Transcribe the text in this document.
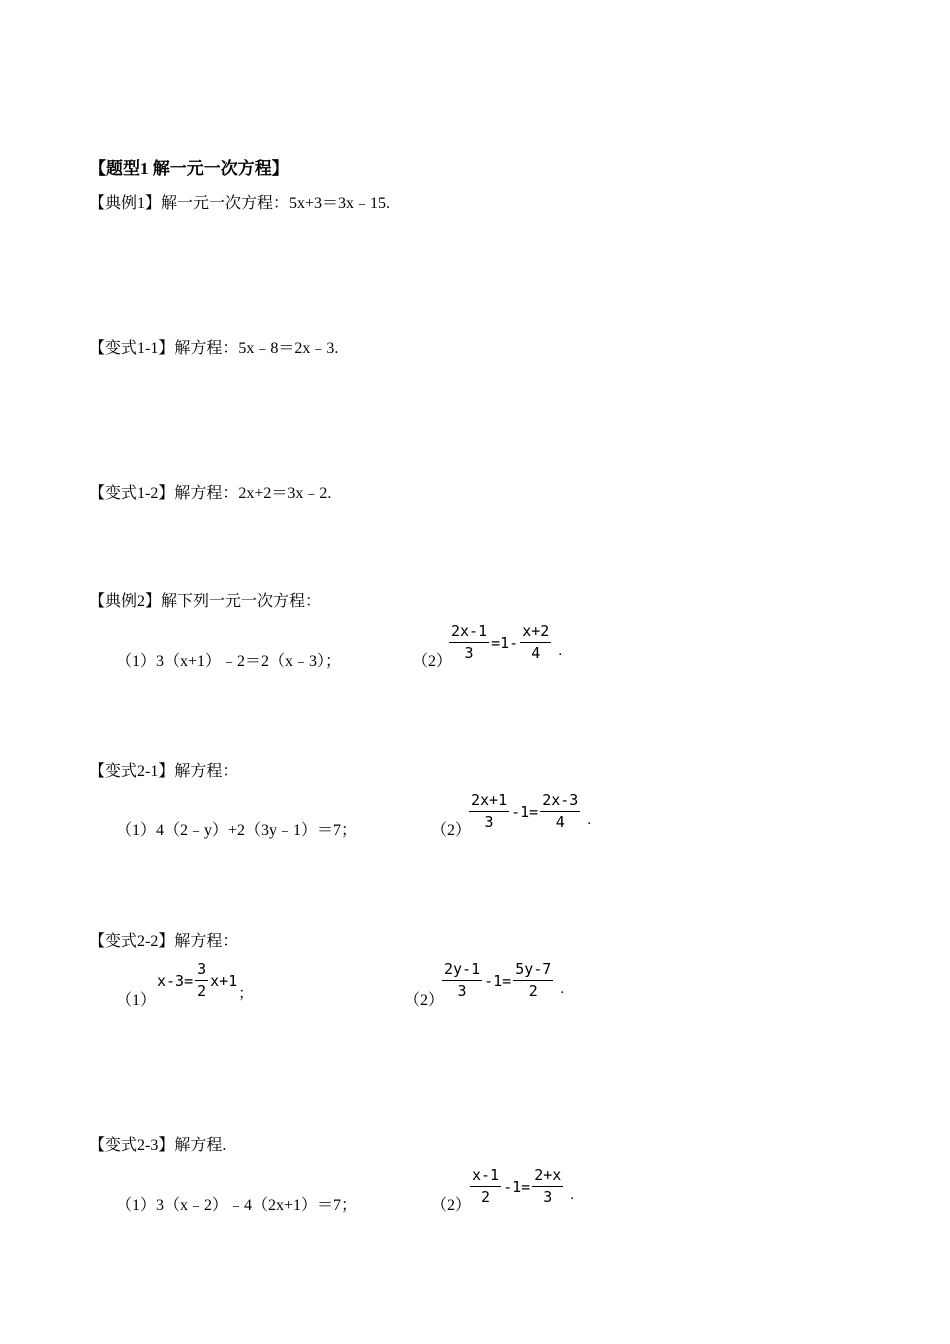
【题型1 解一元一次方程】
【典例1】解一元一次方程：5x+3＝3x﹣15.
【变式1-1】解方程：5x﹣8＝2x﹣3.
【变式1-2】解方程：2x+2＝3x﹣2.
【典例2】解下列一元一次方程：
（1）3（x+1）﹣2＝2（x﹣3）；	（2）
$\frac{2x-1}{3} =1- \frac{x+2}{4}$ .
【变式2-1】解方程：
（1）4（2﹣y）+2（3y﹣1）＝7；	（2）
$\frac{2x+1}{3} -1= \frac{2x-3}{4}$ .
【变式2-2】解方程：
（1）
$x-3= \frac{3}{2} x+1$
；	（2）
$\frac{2y-1}{3} -1= \frac{5y-7}{2}$ .
【变式2-3】解方程.
（1）3（x﹣2）﹣4（2x+1）＝7；	（2）
$\frac{x-1}{2} -1= \frac{2+x}{3}$ .
